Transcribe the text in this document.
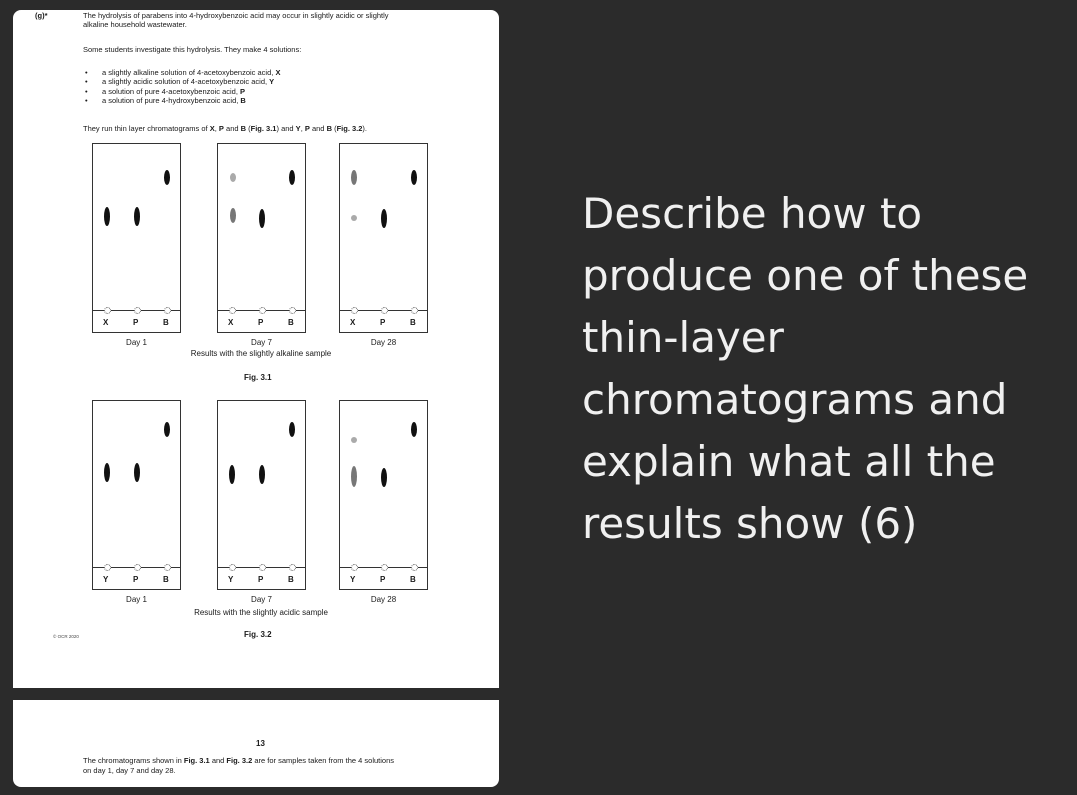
(g)*	The hydrolysis of parabens into 4-hydroxybenzoic acid may occur in slightly acidic or slightly
alkaline household wastewater.
Some students investigate this hydrolysis. They make 4 solutions:
• a slightly alkaline solution of 4-acetoxybenzoic acid, X
• a slightly acidic solution of 4-acetoxybenzoic acid, Y
• a solution of pure 4-acetoxybenzoic acid, P
• a solution of pure 4-hydroxybenzoic acid, B
They run thin layer chromatograms of X, P and B (Fig. 3.1) and Y, P and B (Fig. 3.2).
X	P	B	X	P	B	X	P	B
Day 1	Day 7	Day 28
Results with the slightly alkaline sample
Fig. 3.1
Y	P	B	Y	P	B	Y	P	B
Day 1	Day 7	Day 28
Results with the slightly acidic sample
Fig. 3.2
© OCR 2020
13
The chromatograms shown in Fig. 3.1 and Fig. 3.2 are for samples taken from the 4 solutions
on day 1, day 7 and day 28.
Describe how to produce one of these thin-layer chromatograms and explain what all the results show (6)
